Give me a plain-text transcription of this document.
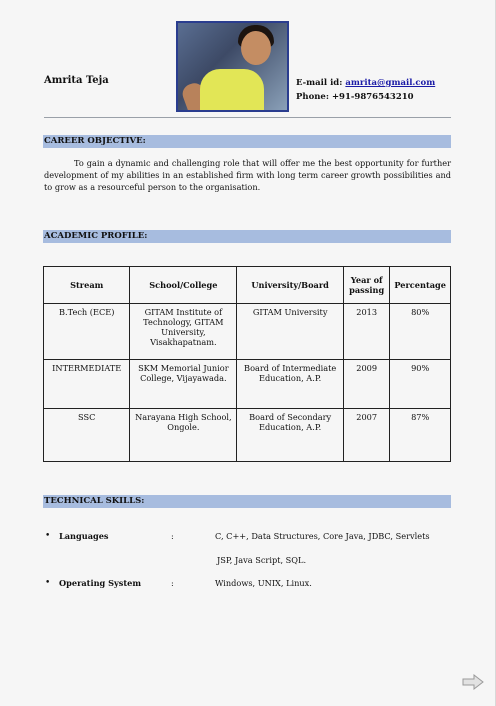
Amrita Teja	E-mail id: amrita@gmail.com
Phone: +91-9876543210
CAREER OBJECTIVE:
To gain a dynamic and challenging role that will offer me the best opportunity for further development of my abilities in an established firm with long term career growth possibilities and to grow as a resourceful person to the organisation.
ACADEMIC PROFILE:
Stream	School/College	University/Board	Year of passing	Percentage
B.Tech (ECE)	GITAM Institute of Technology, GITAM University, Visakhapatnam.	GITAM University	2013	80%
INTERMEDIATE	SKM Memorial Junior College, Vijayawada.	Board of Intermediate Education, A.P.	2009	90%
SSC	Narayana High School, Ongole.	Board of Secondary Education, A.P.	2007	87%
TECHNICAL SKILLS:
• Languages	:	C, C++, Data Structures, Core Java, JDBC, Servlets
JSP, Java Script, SQL.
• Operating System	:	Windows, UNIX, Linux.
